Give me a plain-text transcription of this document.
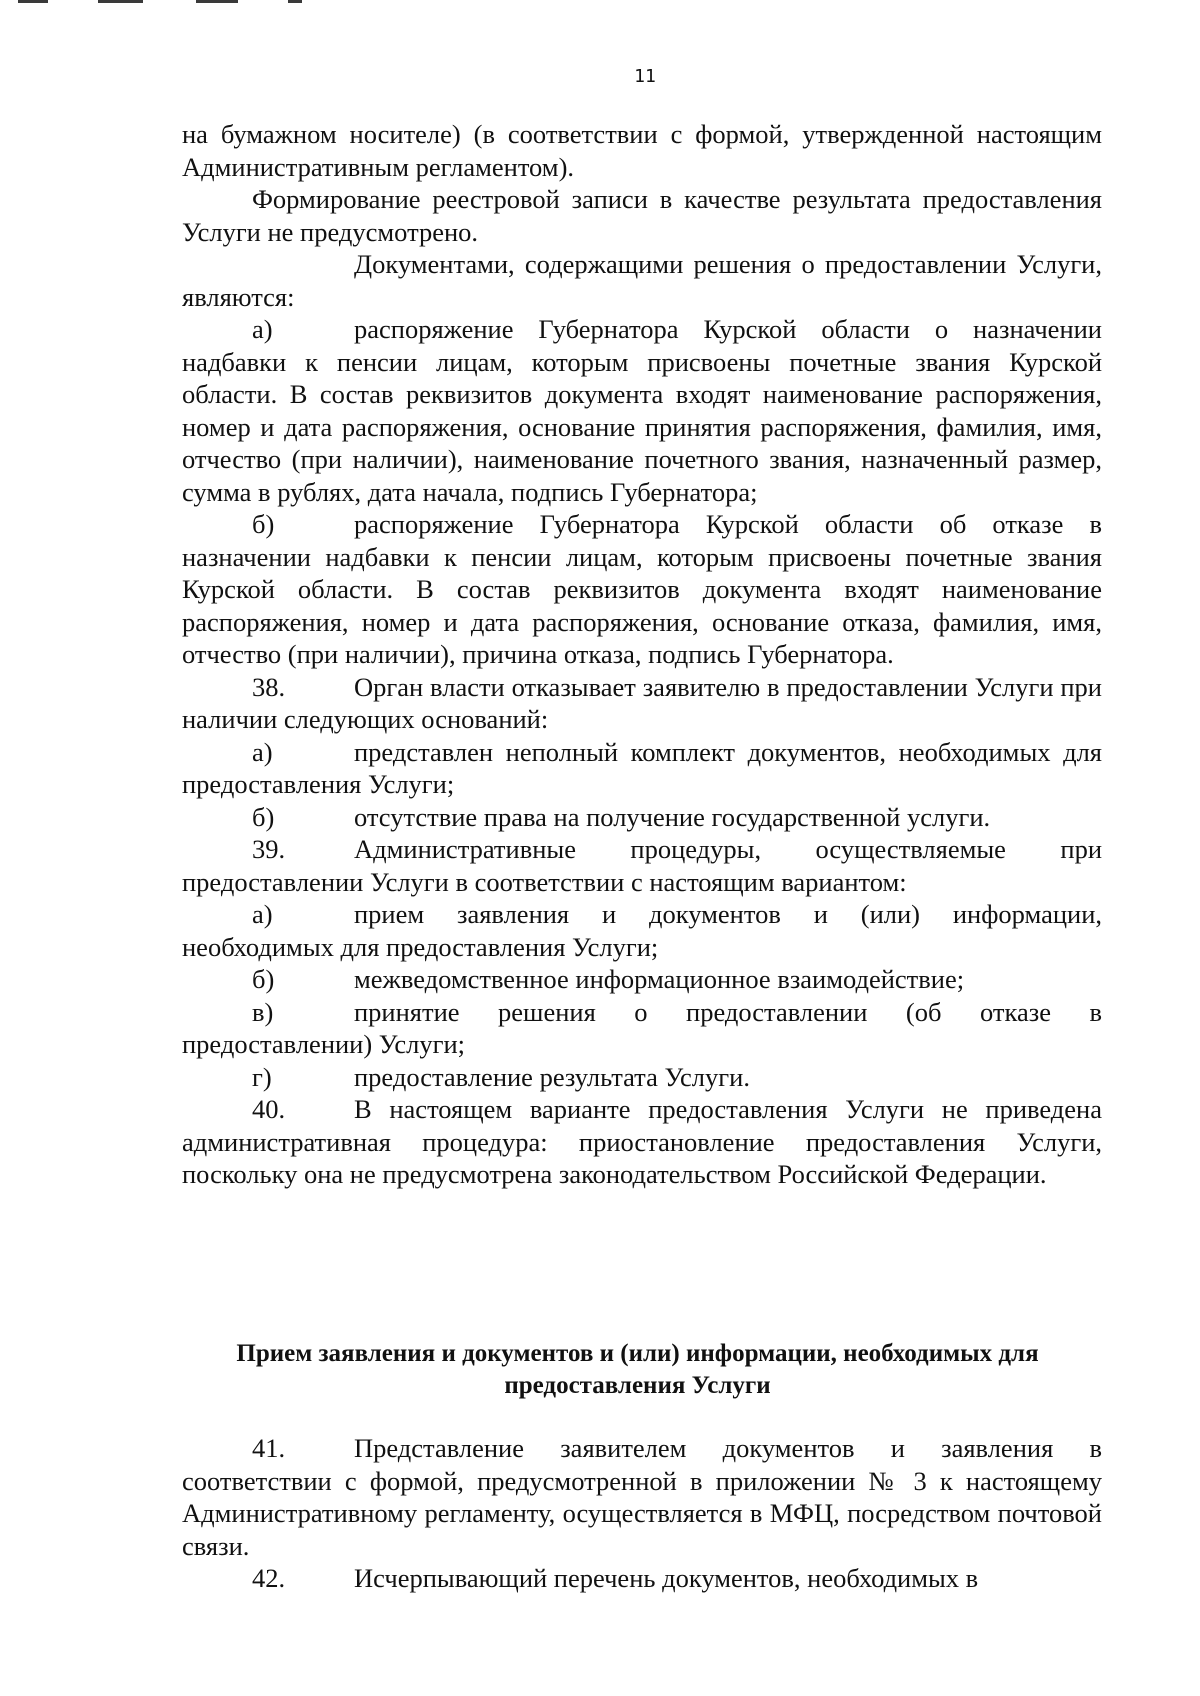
11

на бумажном носителе) (в соответствии с формой, утвержденной настоящим Административным регламентом).

Формирование реестровой записи в качестве результата предоставления Услуги не предусмотрено.

Документами, содержащими решения о предоставлении Услуги, являются:

а)	распоряжение Губернатора Курской области о назначении надбавки к пенсии лицам, которым присвоены почетные звания Курской области. В состав реквизитов документа входят наименование распоряжения, номер и дата распоряжения, основание принятия распоряжения, фамилия, имя, отчество (при наличии), наименование почетного звания, назначенный размер, сумма в рублях, дата начала, подпись Губернатора;
б)	распоряжение Губернатора Курской области об отказе в назначении надбавки к пенсии лицам, которым присвоены почетные звания Курской области. В состав реквизитов документа входят наименование распоряжения, номер и дата распоряжения, основание отказа, фамилия, имя, отчество (при наличии), причина отказа, подпись Губернатора.
38.	Орган власти отказывает заявителю в предоставлении Услуги при наличии следующих оснований:
а)	представлен неполный комплект документов, необходимых для предоставления Услуги;
б)	отсутствие права на получение государственной услуги.
39.	Административные процедуры, осуществляемые при предоставлении Услуги в соответствии с настоящим вариантом:
а)	прием заявления и документов и (или) информации, необходимых для предоставления Услуги;
б)	межведомственное информационное взаимодействие;
в)	принятие решения о предоставлении (об отказе в предоставлении) Услуги;
г)	предоставление результата Услуги.
40.	В настоящем варианте предоставления Услуги не приведена административная процедура: приостановление предоставления Услуги, поскольку она не предусмотрена законодательством Российской Федерации.
Прием заявления и документов и (или) информации, необходимых для
предоставления Услуги
41.	Представление заявителем документов и заявления в соответствии с формой, предусмотренной в приложении № 3 к настоящему Административному регламенту, осуществляется в МФЦ, посредством почтовой связи.
42.	Исчерпывающий перечень документов, необходимых в
